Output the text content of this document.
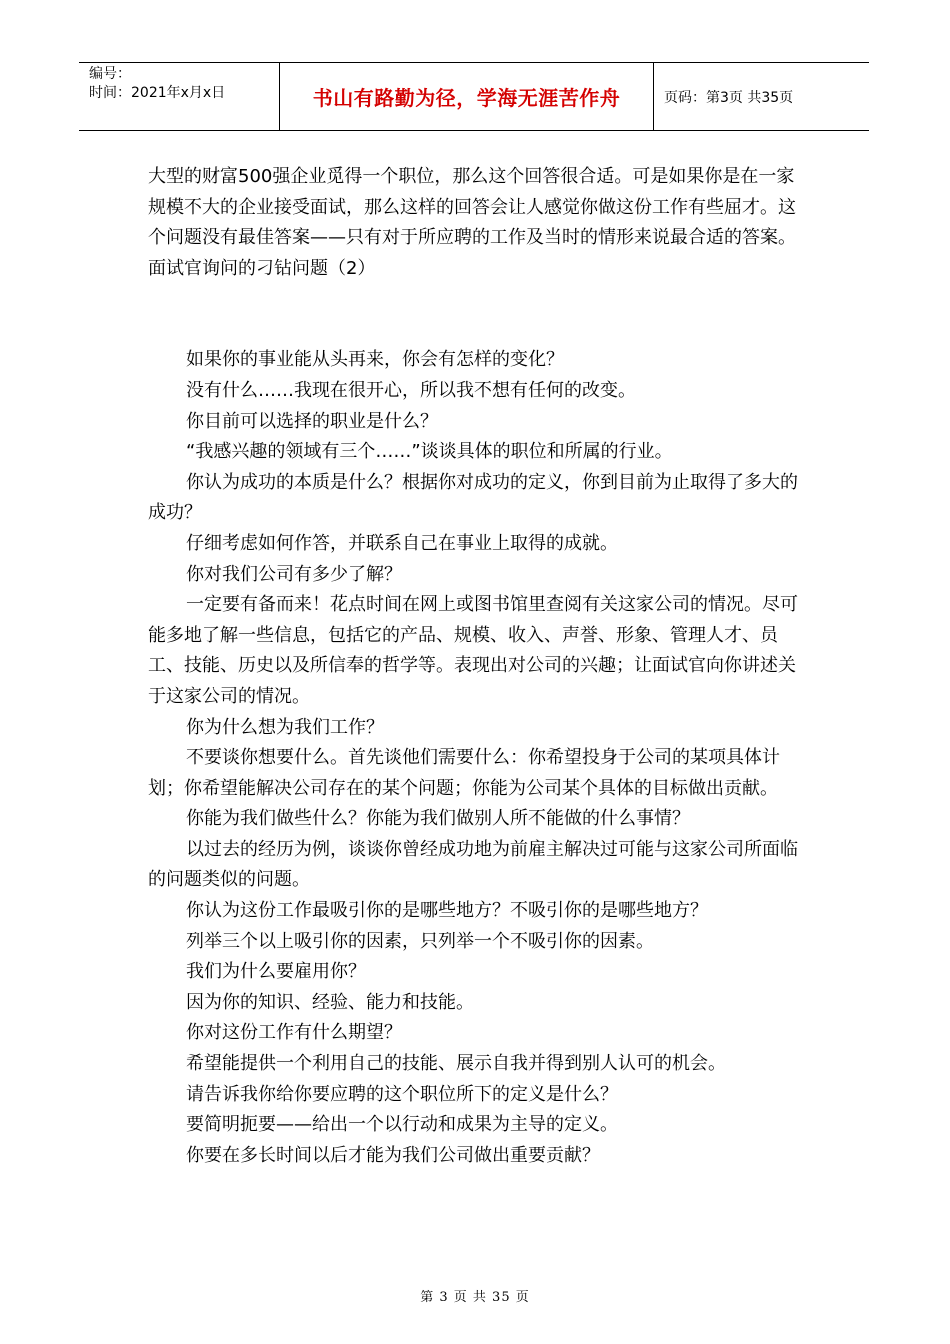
编号：
时间：2021年x月x日	书山有路勤为径，学海无涯苦作舟	页码：第3页 共35页

大型的财富500强企业觅得一个职位，那么这个回答很合适。可是如果你是在一家规模不大的企业接受面试，那么这样的回答会让人感觉你做这份工作有些屈才。这个问题没有最佳答案——只有对于所应聘的工作及当时的情形来说最合适的答案。

面试官询问的刁钻问题（2）

如果你的事业能从头再来，你会有怎样的变化？

没有什么……我现在很开心，所以我不想有任何的改变。

你目前可以选择的职业是什么？

“我感兴趣的领域有三个……”谈谈具体的职位和所属的行业。

你认为成功的本质是什么？根据你对成功的定义，你到目前为止取得了多大的成功？

仔细考虑如何作答，并联系自己在事业上取得的成就。

你对我们公司有多少了解？

一定要有备而来！花点时间在网上或图书馆里查阅有关这家公司的情况。尽可能多地了解一些信息，包括它的产品、规模、收入、声誉、形象、管理人才、员工、技能、历史以及所信奉的哲学等。表现出对公司的兴趣；让面试官向你讲述关于这家公司的情况。

你为什么想为我们工作？

不要谈你想要什么。首先谈他们需要什么：你希望投身于公司的某项具体计划；你希望能解决公司存在的某个问题；你能为公司某个具体的目标做出贡献。

你能为我们做些什么？你能为我们做别人所不能做的什么事情？

以过去的经历为例，谈谈你曾经成功地为前雇主解决过可能与这家公司所面临的问题类似的问题。

你认为这份工作最吸引你的是哪些地方？不吸引你的是哪些地方？

列举三个以上吸引你的因素，只列举一个不吸引你的因素。

我们为什么要雇用你？

因为你的知识、经验、能力和技能。

你对这份工作有什么期望？

希望能提供一个利用自己的技能、展示自我并得到别人认可的机会。

请告诉我你给你要应聘的这个职位所下的定义是什么？

要简明扼要——给出一个以行动和成果为主导的定义。

你要在多长时间以后才能为我们公司做出重要贡献？

第 3 页 共 35 页
